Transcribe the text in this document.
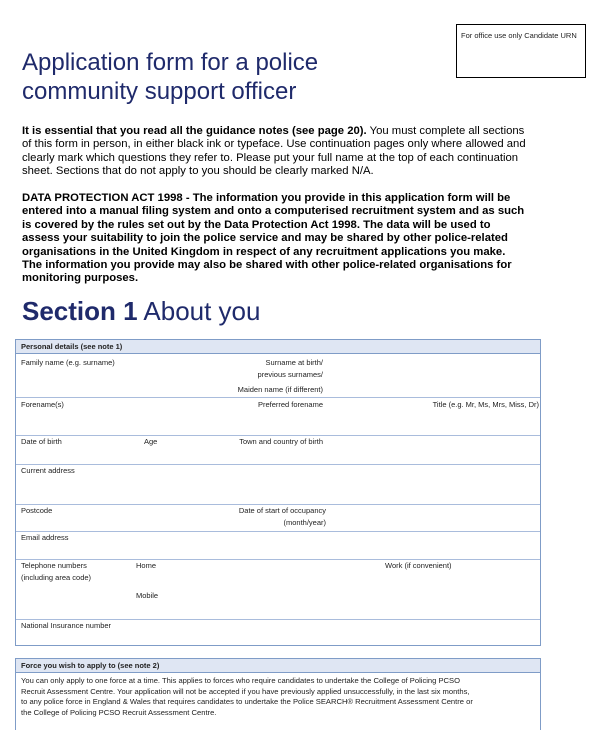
For office use only Candidate URN
Application form for a police
community support officer

It is essential that you read all the guidance notes (see page 20). You must complete all sections of this form in person, in either black ink or typeface. Use continuation pages only where allowed and clearly mark which questions they refer to. Please put your full name at the top of each continuation sheet. Sections that do not apply to you should be clearly marked N/A.

DATA PROTECTION ACT 1998 - The information you provide in this application form will be entered into a manual filing system and onto a computerised recruitment system and as such is covered by the rules set out by the Data Protection Act 1998. The data will be used to assess your suitability to join the police service and may be shared by other police-related organisations in the United Kingdom in respect of any recruitment applications you make. The information you provide may also be shared with other police-related organisations for monitoring purposes.

Section 1 About you
Personal details (see note 1)
Family name (e.g. surname)	Surname at birth/
previous surnames/
Maiden name (if different)
Forename(s)	Preferred forename	Title (e.g. Mr, Ms, Mrs, Miss, Dr)
Date of birth	Age	Town and country of birth
Current address
Postcode	Date of start of occupancy
(month/year)
Email address
Telephone numbers
(including area code)
Home	Work (if convenient)
Mobile
National Insurance number
Force you wish to apply to (see note 2)
You can only apply to one force at a time. This applies to forces who require candidates to undertake the College of Policing PCSO
Recruit Assessment Centre. Your application will not be accepted if you have previously applied unsuccessfully, in the last six months,
to any police force in England & Wales that requires candidates to undertake the Police SEARCH® Recruitment Assessment Centre or
the College of Policing PCSO Recruit Assessment Centre.
